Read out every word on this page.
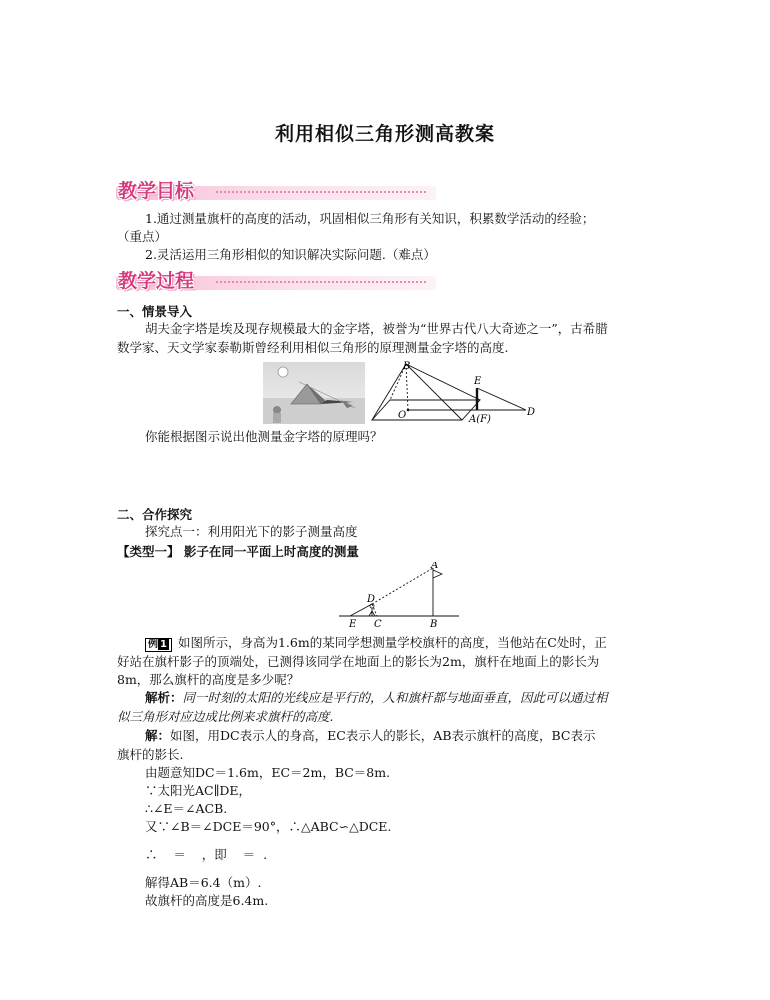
利用相似三角形测高教案
教学目标
1.通过测量旗杆的高度的活动，巩固相似三角形有关知识，积累数学活动的经验；
（重点）
2.灵活运用三角形相似的知识解决实际问题.（难点）
教学过程
一、情景导入
胡夫金字塔是埃及现存规模最大的金字塔，被誉为“世界古代八大奇迹之一”，古希腊
数学家、天文学家泰勒斯曾经利用相似三角形的原理测量金字塔的高度.
B
E
O	A(F)
D
你能根据图示说出他测量金字塔的原理吗？
二、合作探究
探究点一：利用阳光下的影子测量高度
【类型一】 影子在同一平面上时高度的测量
A
D
E C	B
例 1 如图所示，身高为1.6m的某同学想测量学校旗杆的高度，当他站在C处时，正
好站在旗杆影子的顶端处，已测得该同学在地面上的影长为2m，旗杆在地面上的影长为
8m，那么旗杆的高度是多少呢？
解析：同一时刻的太阳的光线应是平行的，人和旗杆都与地面垂直，因此可以通过相
似三角形对应边成比例来求旗杆的高度.
解：如图，用DC表示人的身高，EC表示人的影长，AB表示旗杆的高度，BC表示
旗杆的影长.
由题意知DC＝1.6m，EC＝2m，BC＝8m.
∵太阳光AC∥DE，
∴∠E＝∠ACB.
又∵∠B＝∠DCE＝90°，∴△ABC∽△DCE.
∴    ＝    ，即    ＝  .
解得AB＝6.4（m）.
故旗杆的高度是6.4m.
